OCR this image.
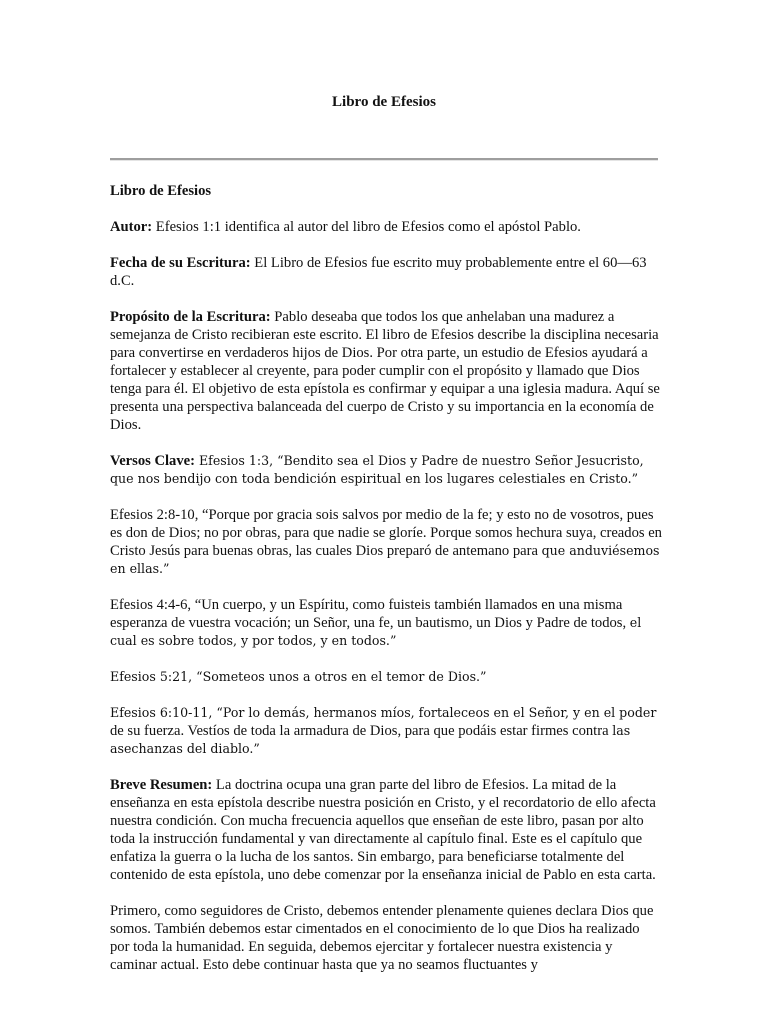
Libro de Efesios
Libro de Efesios

Autor: Efesios 1:1 identifica al autor del libro de Efesios como el apóstol Pablo.

Fecha de su Escritura: El Libro de Efesios fue escrito muy probablemente entre el 60—63 d.C.

Propósito de la Escritura: Pablo deseaba que todos los que anhelaban una madurez a semejanza de Cristo recibieran este escrito. El libro de Efesios describe la disciplina necesaria para convertirse en verdaderos hijos de Dios. Por otra parte, un estudio de Efesios ayudará a fortalecer y establecer al creyente, para poder cumplir con el propósito y llamado que Dios tenga para él. El objetivo de esta epístola es confirmar y equipar a una iglesia madura. Aquí se presenta una perspectiva balanceada del cuerpo de Cristo y su importancia en la economía de Dios.

Versos Clave: Efesios 1:3, “Bendito sea el Dios y Padre de nuestro Señor Jesucristo, que nos bendijo con toda bendición espiritual en los lugares celestiales en Cristo.”

Efesios 2:8-10, “Porque por gracia sois salvos por medio de la fe; y esto no de vosotros, pues es don de Dios; no por obras, para que nadie se gloríe. Porque somos hechura suya, creados en Cristo Jesús para buenas obras, las cuales Dios preparó de antemano para que anduviésemos en ellas.”

Efesios 4:4-6, “Un cuerpo, y un Espíritu, como fuisteis también llamados en una misma esperanza de vuestra vocación; un Señor, una fe, un bautismo, un Dios y Padre de todos, el cual es sobre todos, y por todos, y en todos.”

Efesios 5:21, “Someteos unos a otros en el temor de Dios.”

Efesios 6:10-11, “Por lo demás, hermanos míos, fortaleceos en el Señor, y en el poder de su fuerza. Vestíos de toda la armadura de Dios, para que podáis estar firmes contra las asechanzas del diablo.”

Breve Resumen: La doctrina ocupa una gran parte del libro de Efesios. La mitad de la enseñanza en esta epístola describe nuestra posición en Cristo, y el recordatorio de ello afecta nuestra condición. Con mucha frecuencia aquellos que enseñan de este libro, pasan por alto toda la instrucción fundamental y van directamente al capítulo final. Este es el capítulo que enfatiza la guerra o la lucha de los santos. Sin embargo, para beneficiarse totalmente del contenido de esta epístola, uno debe comenzar por la enseñanza inicial de Pablo en esta carta.

Primero, como seguidores de Cristo, debemos entender plenamente quienes declara Dios que somos. También debemos estar cimentados en el conocimiento de lo que Dios ha realizado por toda la humanidad. En seguida, debemos ejercitar y fortalecer nuestra existencia y caminar actual. Esto debe continuar hasta que ya no seamos fluctuantes y
